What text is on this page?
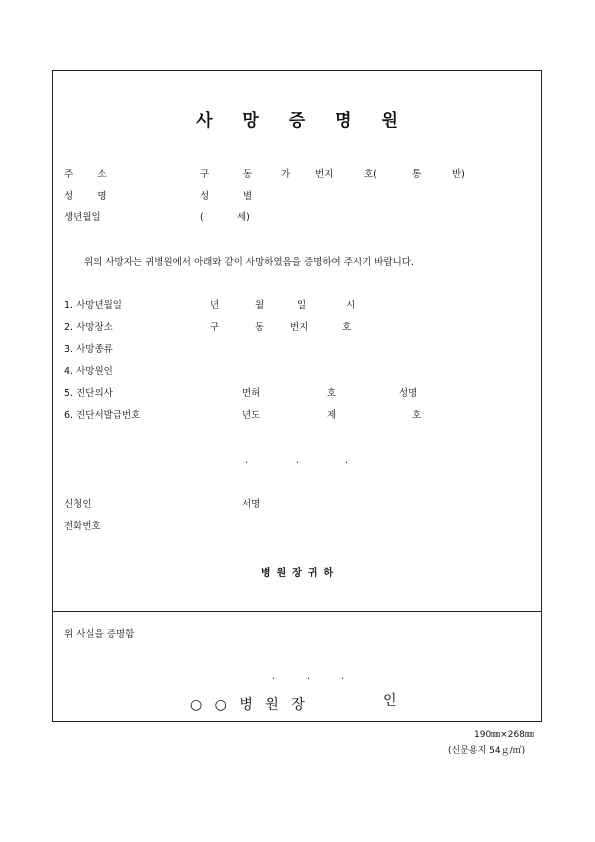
사 망 증 명 원
주        소	구	동	가	번지	호(	통	반)
성        명	성	별
생년월일	(	세)
위의 사망자는 귀병원에서 아래와 같이 사망하였음을 증명하여 주시기 바랍니다.
1. 사망년월일	년	월	일	시
2. 사망장소	구	동	번지	호
3. 사망종류
4. 사망원인
5. 진단의사	면허	호	성명
6. 진단서발급번호	년도	제	호
·	·	·
신청인	서명
전화번호
병원장귀하
위 사실을 증명함
·	·	·
○ ○ 병 원 장	인
190㎜×268㎜
(신문용지 54ｇ/㎡)
